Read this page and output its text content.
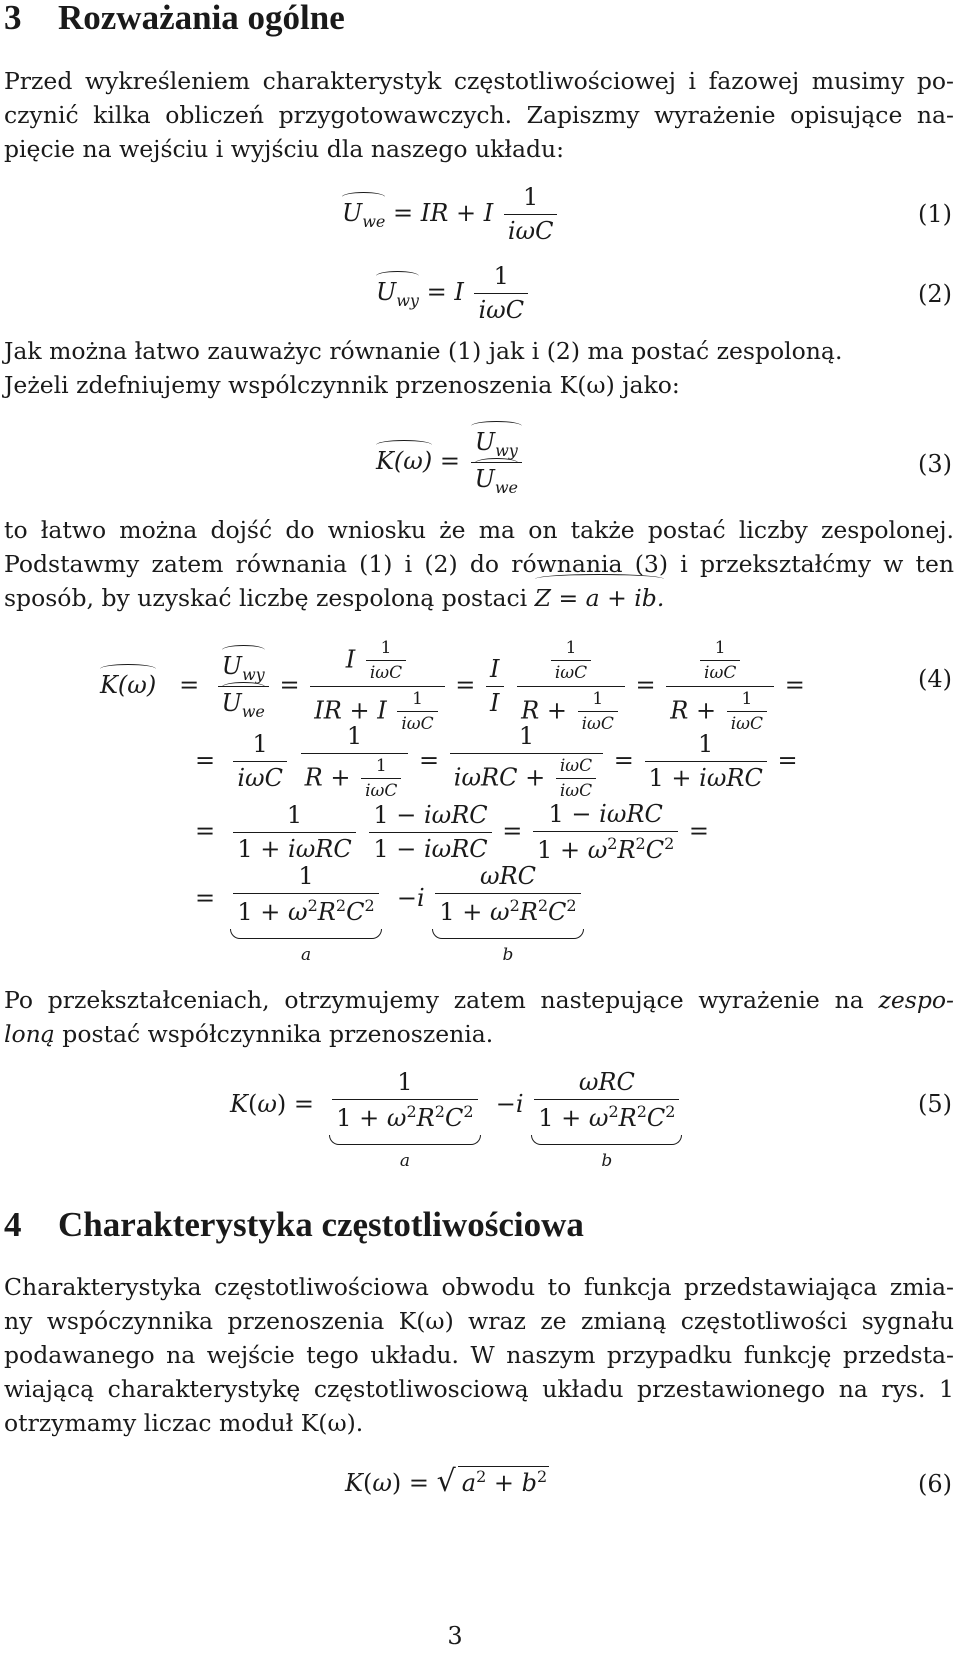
3 Rozważania ogólne
Przed wykreśleniem charakterystyk częstotliwościowej i fazowej musimy po-
czynić kilka obliczeń przygotowawczych. Zapiszmy wyrażenie opisujące na-
pięcie na wejściu i wyjściu dla naszego układu:
$U_{we}$ = IR + I $\frac{1}{\text{iωC}}$	(1)
$U_{wy} = I \frac{1}{\text{iωC}}$	(2)
Jak można łatwo zauważyc równanie (1) jak i (2) ma postać zespoloną.
Jeżeli zdefniujemy wspólczynnik przenoszenia K(ω) jako:
$K(\omega) = \frac{U_{wy}}{U_{we}}$	(3)
to łatwo można dojść do wniosku że ma on także postać liczby zespolonej.
Podstawmy zatem równania (1) i (2) do równania (3) i przekształćmy w ten
sposób, by uzyskać liczbę zespoloną postaci Z = a + ib.
$K(\omega) = \frac{U_{wy}}{U_{we}} = \frac{I \frac{1}{\text{iωC}}}{IR + I \frac{1}{\text{iωC}}} = \frac{I}{I}$
$\frac{\frac{1}{\text{iωC}}}{R + \frac{1}{\text{iωC}}} = \frac{\frac{1}{\text{iωC}}}{R + \frac{1}{\text{iωC}}}$ =	(4)
= $\frac{1}{\text{iωC}}$
$\frac{1}{R + \frac{1}{\text{iωC}}} = \frac{1}{i\omega RC + \frac{\text{iωC}}{\text{iωC}}} = \frac{1}{\text{1 + iωRC}}$ =
= $\frac{1}{\text{1 + iωRC}}$
$\frac{\text{1 − iωRC}}{\text{1 − iωRC}} = \frac{\text{1 − iωRC}}{1 + \omega^2R^2C^2}$ =
= $\frac{1}{1 + \omega^2R^2C^2}$
a
$-i \frac{\text{ωRC}}{1 + \omega^2R^2C^2}$
b
Po przekształceniach, otrzymujemy zatem nastepujące wyrażenie na zespo-
loną postać współczynnika przenoszenia.
$K(\omega) = \frac{1}{1 + \omega^2R^2C^2}$
a
$-i \frac{\text{ωRC}}{1 + \omega^2R^2C^2}$
b
(5)
4 Charakterystyka częstotliwościowa
Charakterystyka częstotliwościowa obwodu to funkcja przedstawiająca zmia-
ny wspóczynnika przenoszenia K(ω) wraz ze zmianą częstotliwości sygnału
podawanego na wejście tego układu. W naszym przypadku funkcję przedsta-
wiającą charakterystykę częstotliwosciową układu przestawionego na rys. 1
otrzymamy liczac moduł K(ω).
K(ω) = √ $a^2 + b^2$	(6)
3
